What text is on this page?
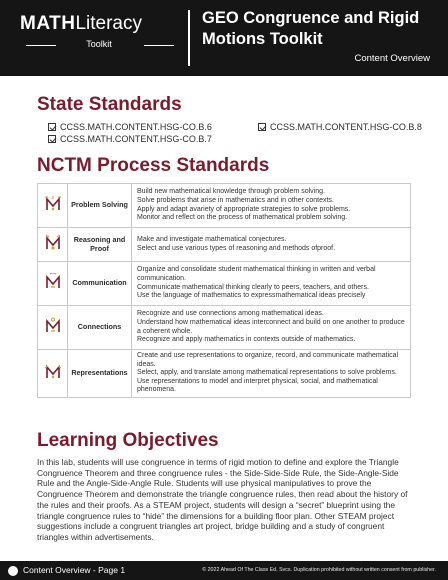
MATHLiteracy
Toolkit
GEO Congruence and Rigid Motions Toolkit
Content Overview
State Standards
CCSS.MATH.CONTENT.HSG-CO.B.6	CCSS.MATH.CONTENT.HSG-CO.B.8
CCSS.MATH.CONTENT.HSG-CO.B.7
NCTM Process Standards
	Problem Solving	Build new mathematical knowledge through problem solving.
Solve problems that arise in mathematics and in other contexts.
Apply and adapt avariety of appropriate strategies to solve problems.
Monitor and reflect on the process of mathematical problem solving.

	Reasoning and Proof	Make and investigate mathematical conjectures.
Select and use various types of reasoning and methods ofproof.

	Communication	Organize and consolidate student mathematical thinking in written and verbal communication.
Communicate mathematical thinking clearly to peers, teachers, and others.
Use the language of mathematics to expressmathematical ideas precisely

	Connections	Recognize and use connections among mathematical ideas.
Understand how mathematical ideas interconnect and build on one another to produce a coherent whole.
Recognize and apply mathematics in contexts outside of mathematics.

	Representations	Create and use representations to organize, record, and communicate mathematical ideas.
Select, apply, and translate among mathematical representations to solve problems.
Use representations to model and interpret physical, social, and mathematical phenomena.
Learning Objectives
In this lab, students will use congruence in terms of rigid motion to define and explore the Triangle Congruence Theorem and three congruence rules - the Side-Side-Side Rule, the Side-Angle-Side Rule and the Angle-Side-Angle Rule. Students will use physical manipulatives to prove the Congruence Theorem and demonstrate the triangle congruence rules, then read about the history of the rules and their proofs. As a STEAM project, students will design a “secret” blueprint using the triangle congruence rules to “hide” the dimensions for a building floor plan. Other STEAM project suggestions include a congruent triangles art project, bridge building and a study of congruent triangles within advertisements.
Content Overview - Page 1	© 2022 Ahead Of The Class Ed. Svcs. Duplication prohibited without written consent from publisher.
